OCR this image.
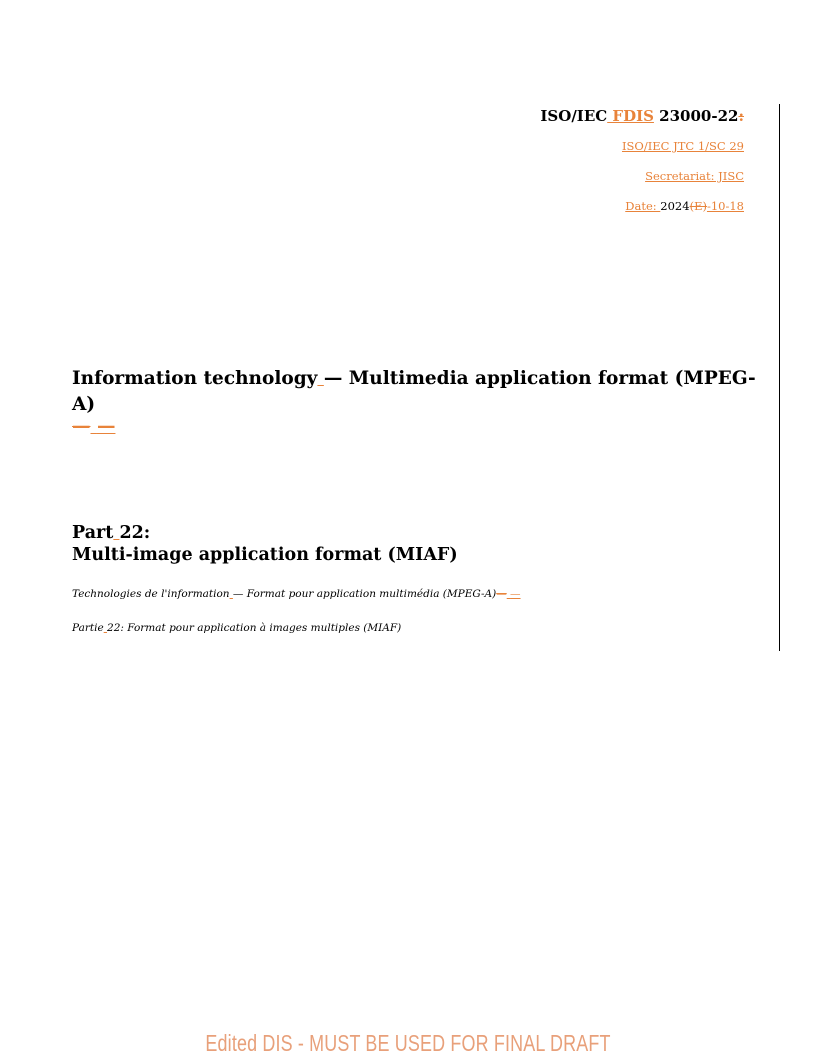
ISO/IEC FDIS 23000-22:
ISO/IEC JTC 1/SC 29
Secretariat: JISC
Date: 2024(E)-10-18
Information technology — Multimedia application format (MPEG-A)
— —
Part 22:
Multi-image application format (MIAF)
Technologies de l'information — Format pour application multimédia (MPEG-A)— —
Partie 22: Format pour application à images multiples (MIAF)
Edited DIS - MUST BE USED FOR FINAL DRAFT
